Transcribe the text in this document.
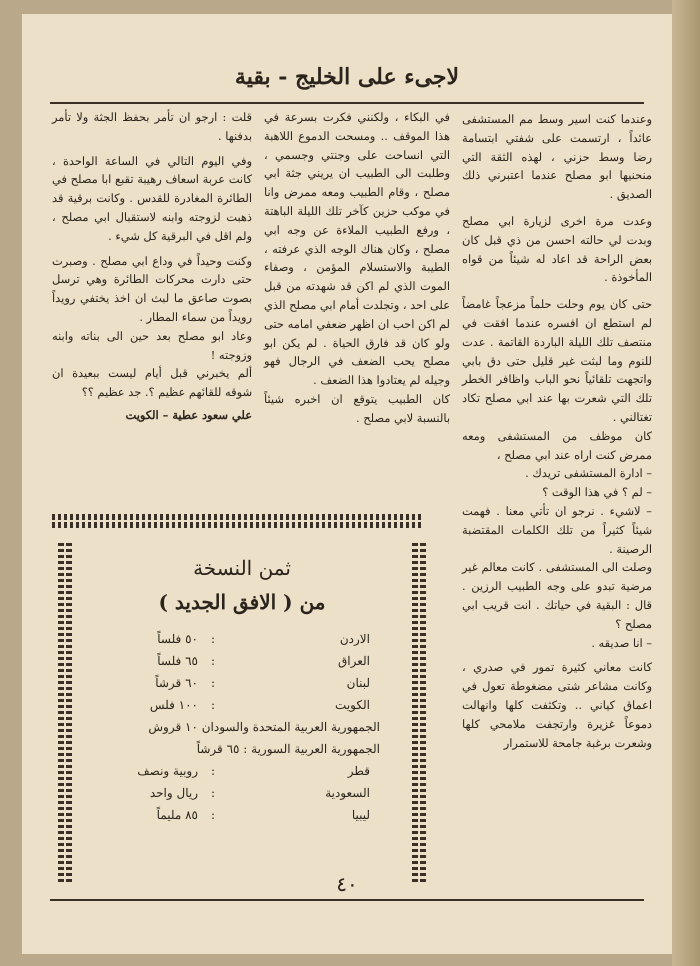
لاجىء على الخليج - بقية

وعندما كنت اسير وسط مم المستشفى عائداً ، ارتسمت على شفتي ابتسامة رضا وسط حزني ، لهذه الثقة التي منحنيها ابو مصلح عندما اعتبرني ذلك الصديق .

وعدت مرة اخرى لزيارة ابي مصلح وبدت لي حالته احسن من ذي قبل كان بعض الراحة قد اعاد له شيئاً من قواه المأخوذة .

حتى كان يوم وحلت حلماً مزعجاً غامضاً لم استطع ان افسره عندما افقت في منتصف تلك الليلة الباردة القاتمة . عدت للنوم وما لبثت غير قليل حتى دق بابي واتجهت تلقائياً نحو الباب واظافر الخطر تلك التي شعرت بها عند ابي مصلح تكاد تغتالني .

كان موظف من المستشفى ومعه ممرض كنت اراه عند ابي مصلح ،

– ادارة المستشفى تريدك .

– لم ؟ في هذا الوقت ؟

– لاشيء . نرجو ان تأتي معنا . فهمت شيئاً كثيراً من تلك الكلمات المقتضبة الرصينة .

وصلت الى المستشفى . كانت معالم غير مرضية تبدو على وجه الطبيب الرزين . قال : البقية في حياتك . انت قريب ابي مصلح ؟

– انا صديقه .

كانت معاني كثيرة تمور في صدري ، وكانت مشاعر شتى مضغوطة تعول في اعماق كياني .. وتكثفت كلها وانهالت دموعاً غزيرة وارتجفت ملامحي كلها وشعرت برغبة جامحة للاستمرار

في البكاء ، ولكنني فكرت بسرعة في هذا الموقف .. ومسحت الدموع اللاهبة التي انساحت على وجنتي وجسمي ، وطلبت الى الطبيب ان يريني جثة ابي مصلح ، وقام الطبيب ومعه ممرض وانا في موكب حزين كآخر تلك الليلة الباهتة ، ورفع الطبيب الملاءة عن وجه ابي مصلح ، وكان هناك الوجه الذي عرفته ، الطيبة والاستسلام المؤمن ، وصفاء الموت الذي لم اكن قد شهدته من قبل على احد ، وتجلدت أمام ابي مصلح الذي لم اكن احب ان اظهر ضعفي امامه حتى ولو كان قد فارق الحياة . لم يكن ابو مصلح يحب الضعف في الرجال فهو وجيله لم يعتادوا هذا الضعف .

كان الطبيب يتوقع ان اخبره شيئاً بالنسبة لابي مصلح .

قلت : ارجو ان تأمر بحفظ الجثة ولا تأمر بدفنها .

وفي اليوم التالي في الساعة الواحدة ، كانت عربة اسعاف رهيبة تقبع ابا مصلح في الطائرة المغادرة للقدس . وكانت برقية قد ذهبت لزوجته وابنه لاستقبال ابي مصلح ، ولم اقل في البرقية كل شيء .

وكنت وحيداً في وداع ابي مصلح . وصبرت حتى دارت محركات الطائرة وهي ترسل بصوت صاعق ما لبث ان اخذ يختفي رويداً رويداً من سماء المطار .

وعاد ابو مصلح بعد حين الى بناته وابنه وزوجته !

ألم يخبرني قبل أيام ليست ببعيدة ان شوقه للقائهم عظيم ؟. جد عظيم ؟؟

علي سعود عطية – الكويت

ثمن النسخة
من ( الافق الجديد )
الاردن
:
٥٠ فلساً
العراق
:
٦٥ فلساً
لبنان
:
٦٠ قرشاً
الكويت
:
١٠٠ فلس
الجمهورية العربية المتحدة والسودان ١٠ قروش
الجمهورية العربية السورية : ٦٥ قرشاً
قطر
:
روبية ونصف
السعودية
:
ريال واحد
ليبيا
:
٨٥ مليماً
٤٠
